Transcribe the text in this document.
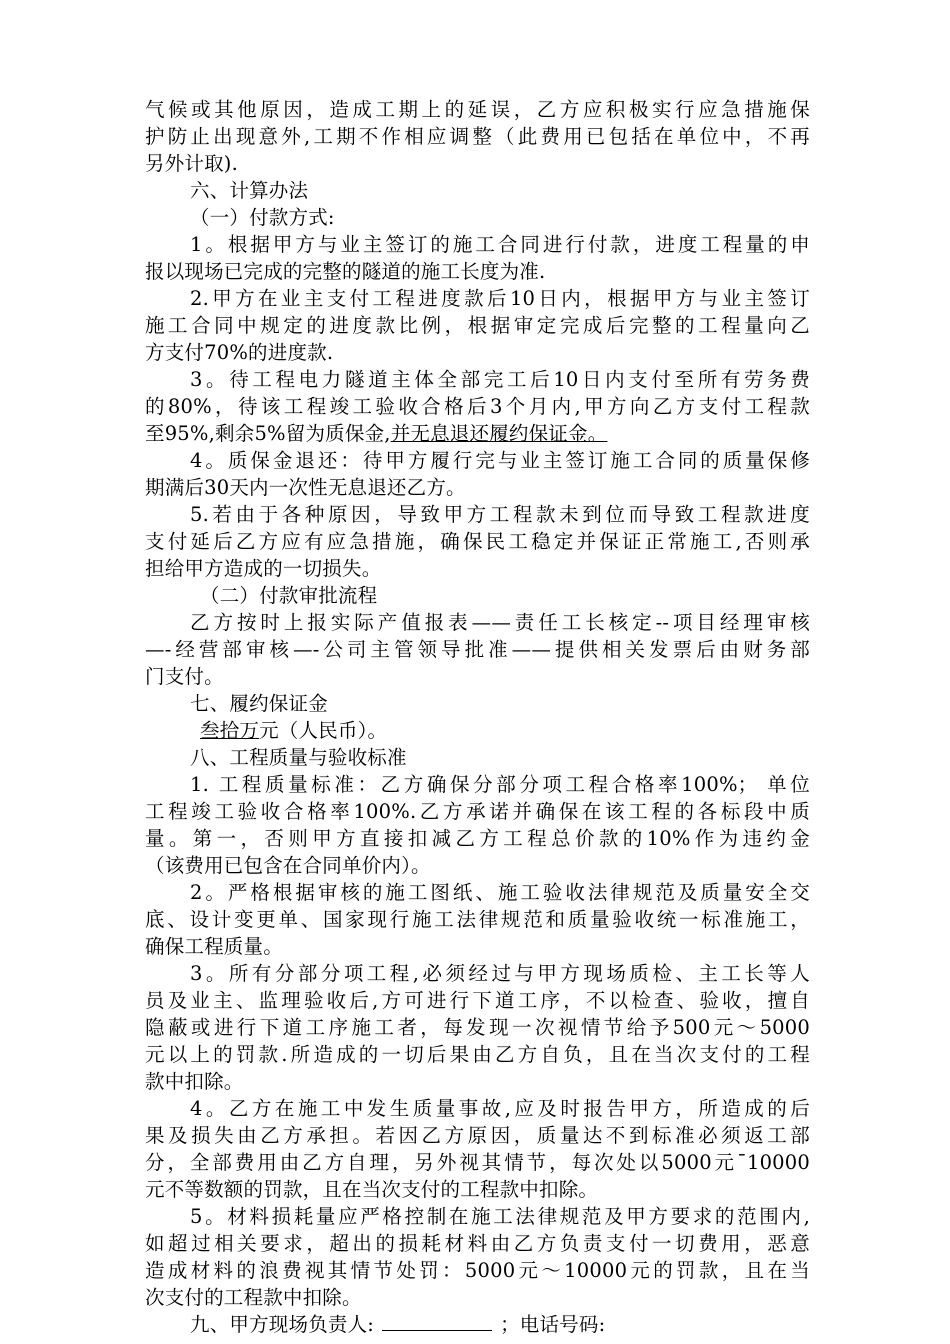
气候或其他原因，造成工期上的延误，乙方应积极实行应急措施保
护防止出现意外,工期不作相应调整（此费用已包括在单位中，不再
另外计取).
六、计算办法
（一）付款方式:
1。根据甲方与业主签订的施工合同进行付款，进度工程量的申
报以现场已完成的完整的隧道的施工长度为准.
2.甲方在业主支付工程进度款后10日内，根据甲方与业主签订
施工合同中规定的进度款比例，根据审定完成后完整的工程量向乙
方支付70%的进度款.
3。待工程电力隧道主体全部完工后10日内支付至所有劳务费
的80%，待该工程竣工验收合格后3个月内,甲方向乙方支付工程款
至95%,剩余5%留为质保金,并无息退还履约保证金。
4。质保金退还：待甲方履行完与业主签订施工合同的质量保修
期满后30天内一次性无息退还乙方。
5.若由于各种原因，导致甲方工程款未到位而导致工程款进度
支付延后乙方应有应急措施，确保民工稳定并保证正常施工,否则承
担给甲方造成的一切损失。
（二）付款审批流程
乙方按时上报实际产值报表——责任工长核定--项目经理审核
—-经营部审核—-公司主管领导批准——提供相关发票后由财务部
门支付。
七、履约保证金
叁拾万元（人民币）。
八、工程质量与验收标准
1. 工程质量标准：乙方确保分部分项工程合格率100%； 单位
工程竣工验收合格率100%.乙方承诺并确保在该工程的各标段中质
量。第一，否则甲方直接扣减乙方工程总价款的10%作为违约金
（该费用已包含在合同单价内）。
2。严格根据审核的施工图纸、施工验收法律规范及质量安全交
底、设计变更单、国家现行施工法律规范和质量验收统一标准施工，
确保工程质量。
3。所有分部分项工程,必须经过与甲方现场质检、主工长等人
员及业主、监理验收后,方可进行下道工序，不以检查、验收，擅自
隐蔽或进行下道工序施工者，每发现一次视情节给予500元～5000
元以上的罚款.所造成的一切后果由乙方自负，且在当次支付的工程
款中扣除。
4。乙方在施工中发生质量事故,应及时报告甲方，所造成的后
果及损失由乙方承担。若因乙方原因，质量达不到标准必须返工部
分，全部费用由乙方自理，另外视其情节，每次处以5000元¯10000
元不等数额的罚款，且在当次支付的工程款中扣除。
5。材料损耗量应严格控制在施工法律规范及甲方要求的范围内,
如超过相关要求，超出的损耗材料由乙方负责支付一切费用，恶意
造成材料的浪费视其情节处罚：5000元～10000元的罚款，且在当
次支付的工程款中扣除。
九、甲方现场负责人:	；电话号码:
